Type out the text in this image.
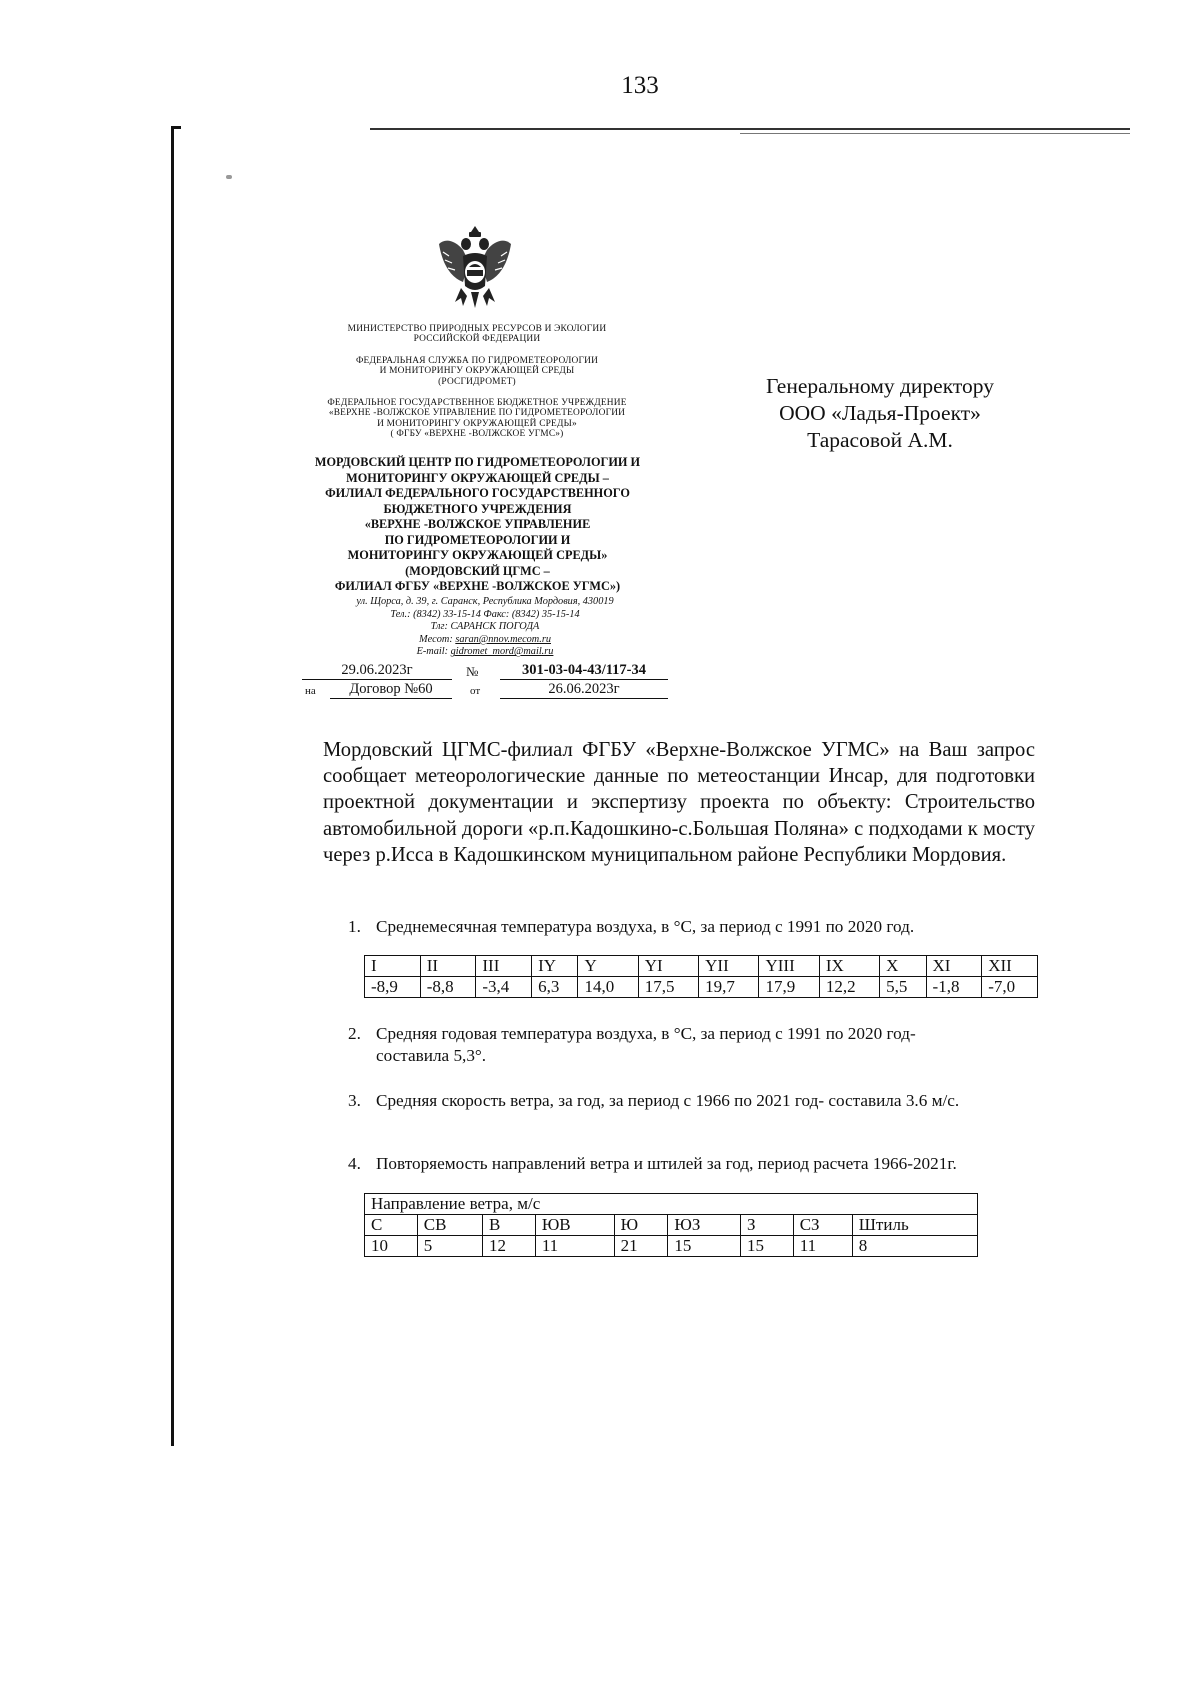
133
МИНИСТЕРСТВО ПРИРОДНЫХ РЕСУРСОВ И ЭКОЛОГИИ
РОССИЙСКОЙ ФЕДЕРАЦИИ
ФЕДЕРАЛЬНАЯ СЛУЖБА ПО ГИДРОМЕТЕОРОЛОГИИ
И МОНИТОРИНГУ ОКРУЖАЮЩЕЙ СРЕДЫ
(РОСГИДРОМЕТ)
ФЕДЕРАЛЬНОЕ ГОСУДАРСТВЕННОЕ БЮДЖЕТНОЕ УЧРЕЖДЕНИЕ
«ВЕРХНЕ -ВОЛЖСКОЕ УПРАВЛЕНИЕ ПО ГИДРОМЕТЕОРОЛОГИИ
И МОНИТОРИНГУ ОКРУЖАЮЩЕЙ СРЕДЫ»
( ФГБУ «ВЕРХНЕ -ВОЛЖСКОЕ УГМС»)
МОРДОВСКИЙ ЦЕНТР ПО ГИДРОМЕТЕОРОЛОГИИ И
МОНИТОРИНГУ ОКРУЖАЮЩЕЙ СРЕДЫ –
ФИЛИАЛ ФЕДЕРАЛЬНОГО ГОСУДАРСТВЕННОГО
БЮДЖЕТНОГО УЧРЕЖДЕНИЯ
«ВЕРХНЕ -ВОЛЖСКОЕ УПРАВЛЕНИЕ
ПО ГИДРОМЕТЕОРОЛОГИИ И
МОНИТОРИНГУ ОКРУЖАЮЩЕЙ СРЕДЫ»
(МОРДОВСКИЙ ЦГМС –
ФИЛИАЛ ФГБУ «ВЕРХНЕ -ВОЛЖСКОЕ УГМС»)
ул. Щорса, д. 39, г. Саранск, Республика Мордовия, 430019
Тел.: (8342) 33-15-14 Факс: (8342) 35-15-14
Тлг: САРАНСК ПОГОДА
Mecom: saran@nnov.mecom.ru
E-mail: gidromet_mord@mail.ru
29.06.2023г	№	301-03-04-43/117-34
на	Договор №60	от	26.06.2023г
Генеральному директору
ООО «Ладья-Проект»
Тарасовой А.М.
Мордовский ЦГМС-филиал ФГБУ «Верхне-Волжское УГМС» на Ваш запрос сообщает метеорологические данные по метеостанции Инсар, для подготовки проектной документации и экспертизу проекта по объекту: Строительство автомобильной дороги «р.п.Кадошкино-с.Большая Поляна» с подходами к мосту через р.Исса в Кадошкинском муниципальном районе Республики Мордовия.
1. Среднемесячная температура воздуха, в °С, за период с 1991 по 2020 год.
I	II	III	IY	Y	YI	YII	YIII	IX	X	XI	XII
-8,9	-8,8	-3,4	6,3	14,0	17,5	19,7	17,9	12,2	5,5	-1,8	-7,0
2. Средняя годовая температура воздуха, в °С, за период с 1991 по 2020 год-составила 5,3°.
3. Средняя скорость ветра, за год, за период с 1966 по 2021 год- составила 3.6 м/с.
4. Повторяемость направлений ветра и штилей за год, период расчета 1966-2021г.
Направление ветра, м/с								
С	СВ	В	ЮВ	Ю	ЮЗ	З	СЗ	Штиль
10	5	12	11	21	15	15	11	8
